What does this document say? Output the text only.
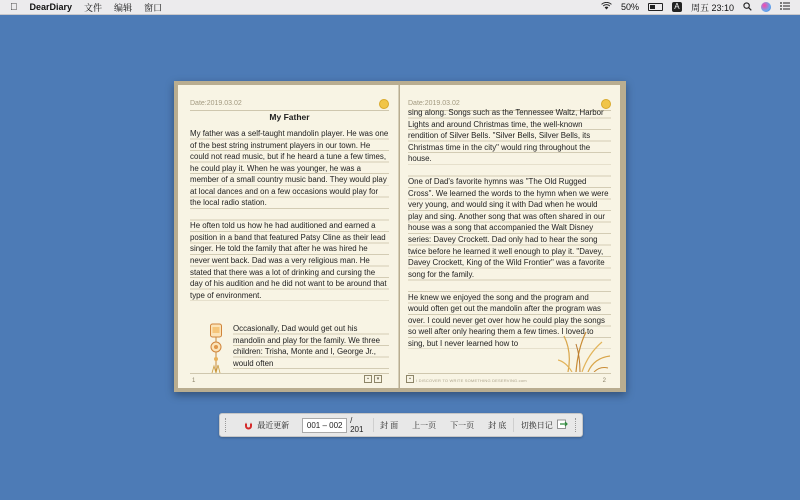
DearDiary 文件 编辑 窗口	50%	A 周五 23:10
Date:2019.03.02
My Father

My father was a self-taught mandolin player. He was one of the best string instrument players in our town. He could not read music, but if he heard a tune a few times, he could play it. When he was younger, he was a member of a small country music band. They would play at local dances and on a few occasions would play for the local radio station.

He often told us how he had auditioned and earned a position in a band that featured Patsy Cline as their lead singer. He told the family that after he was hired he never went back. Dad was a very religious man. He stated that there was a lot of drinking and cursing the day of his audition and he did not want to be around that type of environment.

Occasionally, Dad would get out his mandolin and play for the family. We three children: Trisha, Monte and I, George Jr., would often

1	▪	▾
Date:2019.03.02

sing along. Songs such as the Tennessee Waltz, Harbor Lights and around Christmas time, the well-known rendition of Silver Bells. "Silver Bells, Silver Bells, its Christmas time in the city" would ring throughout the house.

One of Dad's favorite hymns was "The Old Rugged Cross". We learned the words to the hymn when we were very young, and would sing it with Dad when he would play and sing. Another song that was often shared in our house was a song that accompanied the Walt Disney series: Davey Crockett. Dad only had to hear the song twice before he learned it well enough to play it. "Davey, Davey Crockett, King of the Wild Frontier" was a favorite song for the family.

He knew we enjoyed the song and the program and would often get out the mandolin after the program was over. I could never get over how he could play the songs so well after only hearing them a few times. I loved to sing, but I never learned how to

▪	I DISCOVER TO WRITE SOMETHING DESERVING.com	2
最近更新	001 – 002 / 201	封 面	上一页	下一页	封 底	切换日记
